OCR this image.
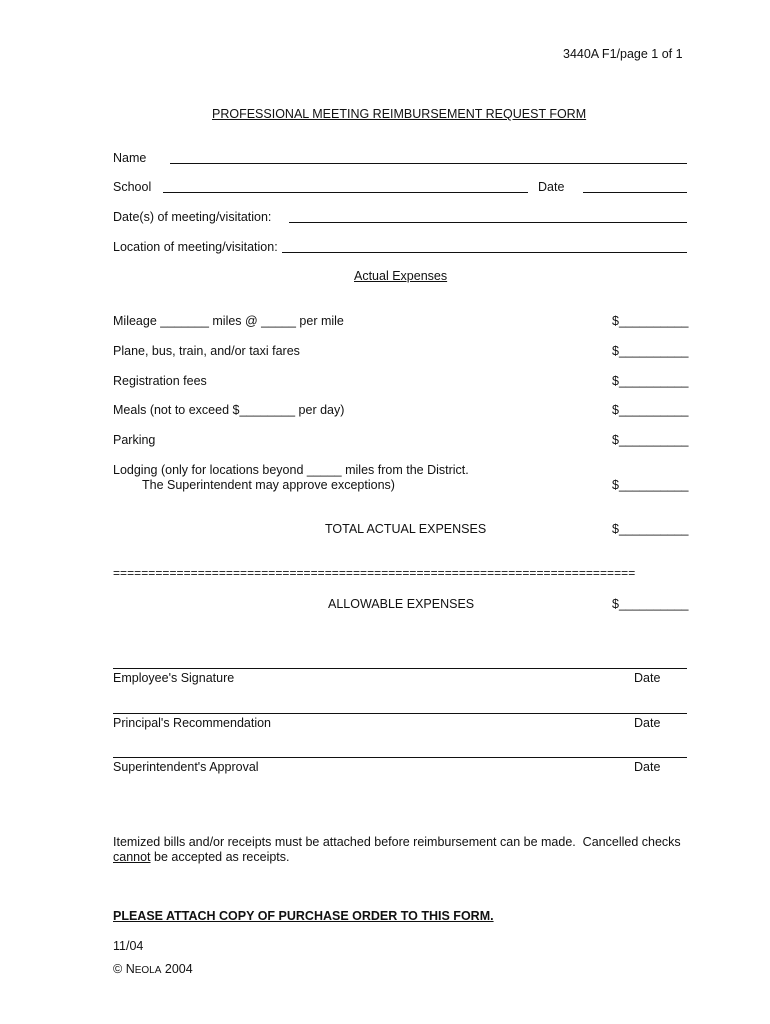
3440A F1/page 1 of 1
PROFESSIONAL MEETING REIMBURSEMENT REQUEST FORM
Name
School	Date
Date(s) of meeting/visitation:
Location of meeting/visitation:
Actual Expenses
Mileage _______ miles @ _____ per mile	$__________
Plane, bus, train, and/or taxi fares	$__________
Registration fees	$__________
Meals (not to exceed $________ per day)	$__________
Parking	$__________
Lodging (only for locations beyond _____ miles from the District.
The Superintendent may approve exceptions)	$__________
TOTAL ACTUAL EXPENSES	$__________
==========================================================================
ALLOWABLE EXPENSES	$__________
Employee's Signature	Date
Principal's Recommendation	Date
Superintendent's Approval	Date
Itemized bills and/or receipts must be attached before reimbursement can be made.  Cancelled checks
cannot be accepted as receipts.
PLEASE ATTACH COPY OF PURCHASE ORDER TO THIS FORM.
11/04
© NEOLA 2004
